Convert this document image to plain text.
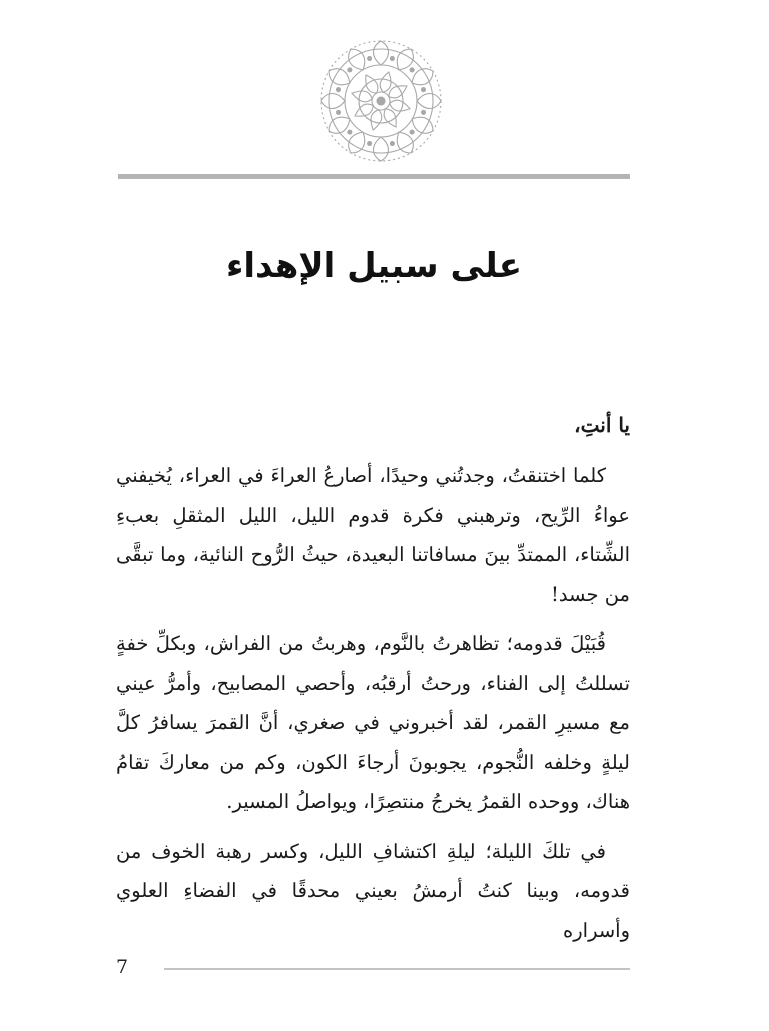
على سبيل الإهداء

يا أنتِ،

كلما اختنقتُ، وجدتُني وحيدًا، أصارعُ العراءَ في العراء، يُخيفني عواءُ الرِّيح، وترهبني فكرة قدوم الليل، الليل المثقلِ بعبءِ الشِّتاء، الممتدِّ بينَ مسافاتنا البعيدة، حيثُ الرُّوح النائية، وما تبقَّى من جسد!

قُبَيْلَ قدومه؛ تظاهرتُ بالنَّوم، وهربتُ من الفراش، وبكلِّ خفةٍ تسللتُ إلى الفناء، ورحتُ أرقبُه، وأحصي المصابيح، وأمرُّ عيني مع مسيرِ القمر، لقد أخبروني في صغري، أنَّ القمرَ يسافرُ كلَّ ليلةٍ وخلفه النُّجوم، يجوبونَ أرجاءَ الكون، وكم من معاركَ تقامُ هناك، ووحده القمرُ يخرجُ منتصِرًا، ويواصلُ المسير.

في تلكَ الليلة؛ ليلةِ اكتشافِ الليل، وكسر رهبة الخوف من قدومه، وبينا كنتُ أرمشُ بعيني محدقًا في الفضاءِ العلوي وأسراره

7
